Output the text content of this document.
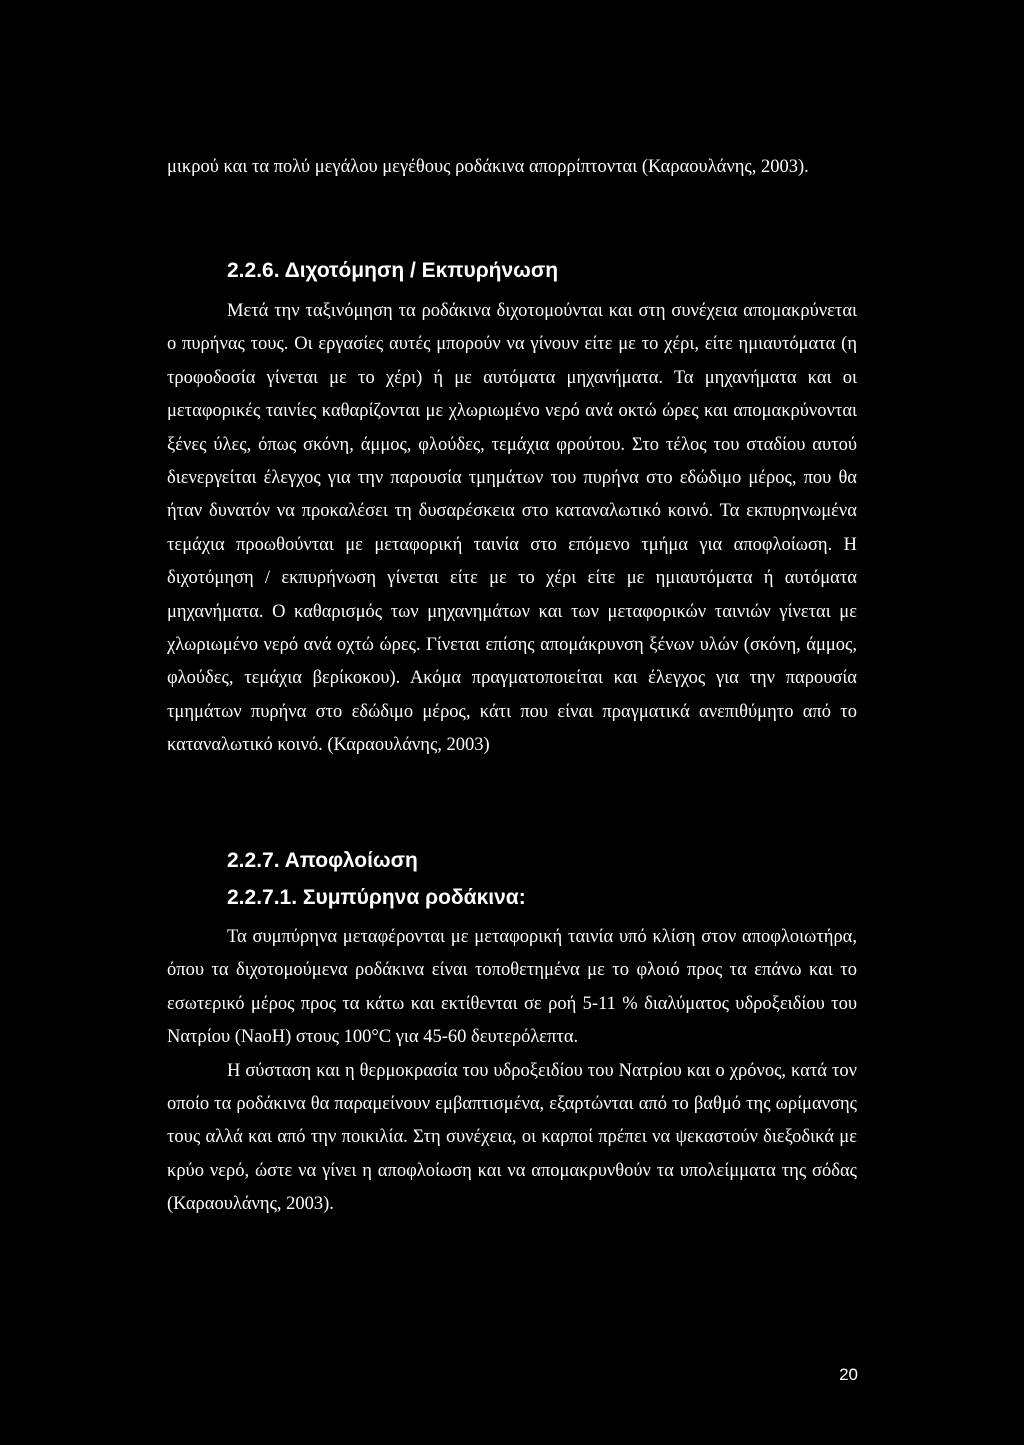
μικρού και τα πολύ μεγάλου μεγέθους ροδάκινα απορρίπτονται (Καραουλάνης, 2003).

2.2.6. Διχοτόμηση / Εκπυρήνωση

Μετά την ταξινόμηση τα ροδάκινα διχοτομούνται και στη συνέχεια απομακρύνεται ο πυρήνας τους. Οι εργασίες αυτές μπορούν να γίνουν είτε με το χέρι, είτε ημιαυτόματα (η τροφοδοσία γίνεται με το χέρι) ή με αυτόματα μηχανήματα. Τα μηχανήματα και οι μεταφορικές ταινίες καθαρίζονται με χλωριωμένο νερό ανά οκτώ ώρες και απομακρύνονται ξένες ύλες, όπως σκόνη, άμμος, φλούδες, τεμάχια φρούτου. Στο τέλος του σταδίου αυτού διενεργείται έλεγχος για την παρουσία τμημάτων του πυρήνα στο εδώδιμο μέρος, που θα ήταν δυνατόν να προκαλέσει τη δυσαρέσκεια στο καταναλωτικό κοινό. Τα εκπυρηνωμένα τεμάχια προωθούνται με μεταφορική ταινία στο επόμενο τμήμα για αποφλοίωση. Η διχοτόμηση / εκπυρήνωση γίνεται είτε με το χέρι είτε με ημιαυτόματα ή αυτόματα μηχανήματα. Ο καθαρισμός των μηχανημάτων και των μεταφορικών ταινιών γίνεται με χλωριωμένο νερό ανά οχτώ ώρες. Γίνεται επίσης απομάκρυνση ξένων υλών (σκόνη, άμμος, φλούδες, τεμάχια βερίκοκου). Ακόμα πραγματοποιείται και έλεγχος για την παρουσία τμημάτων πυρήνα στο εδώδιμο μέρος, κάτι που είναι πραγματικά ανεπιθύμητο από το καταναλωτικό κοινό. (Καραουλάνης, 2003)

2.2.7. Αποφλοίωση
2.2.7.1. Συμπύρηνα ροδάκινα:

Τα συμπύρηνα μεταφέρονται με μεταφορική ταινία υπό κλίση στον αποφλοιωτήρα, όπου τα διχοτομούμενα ροδάκινα είναι τοποθετημένα με το φλοιό προς τα επάνω και το εσωτερικό μέρος προς τα κάτω και εκτίθενται σε ροή 5-11 % διαλύματος υδροξειδίου του Νατρίου (NaoH) στους 100°C για 45-60 δευτερόλεπτα.

Η σύσταση και η θερμοκρασία του υδροξειδίου του Νατρίου και ο χρόνος, κατά τον οποίο τα ροδάκινα θα παραμείνουν εμβαπτισμένα, εξαρτώνται από το βαθμό της ωρίμανσης τους αλλά και από την ποικιλία. Στη συνέχεια, οι καρποί πρέπει να ψεκαστούν διεξοδικά με κρύο νερό, ώστε να γίνει η αποφλοίωση και να απομακρυνθούν τα υπολείμματα της σόδας (Καραουλάνης, 2003).

20
